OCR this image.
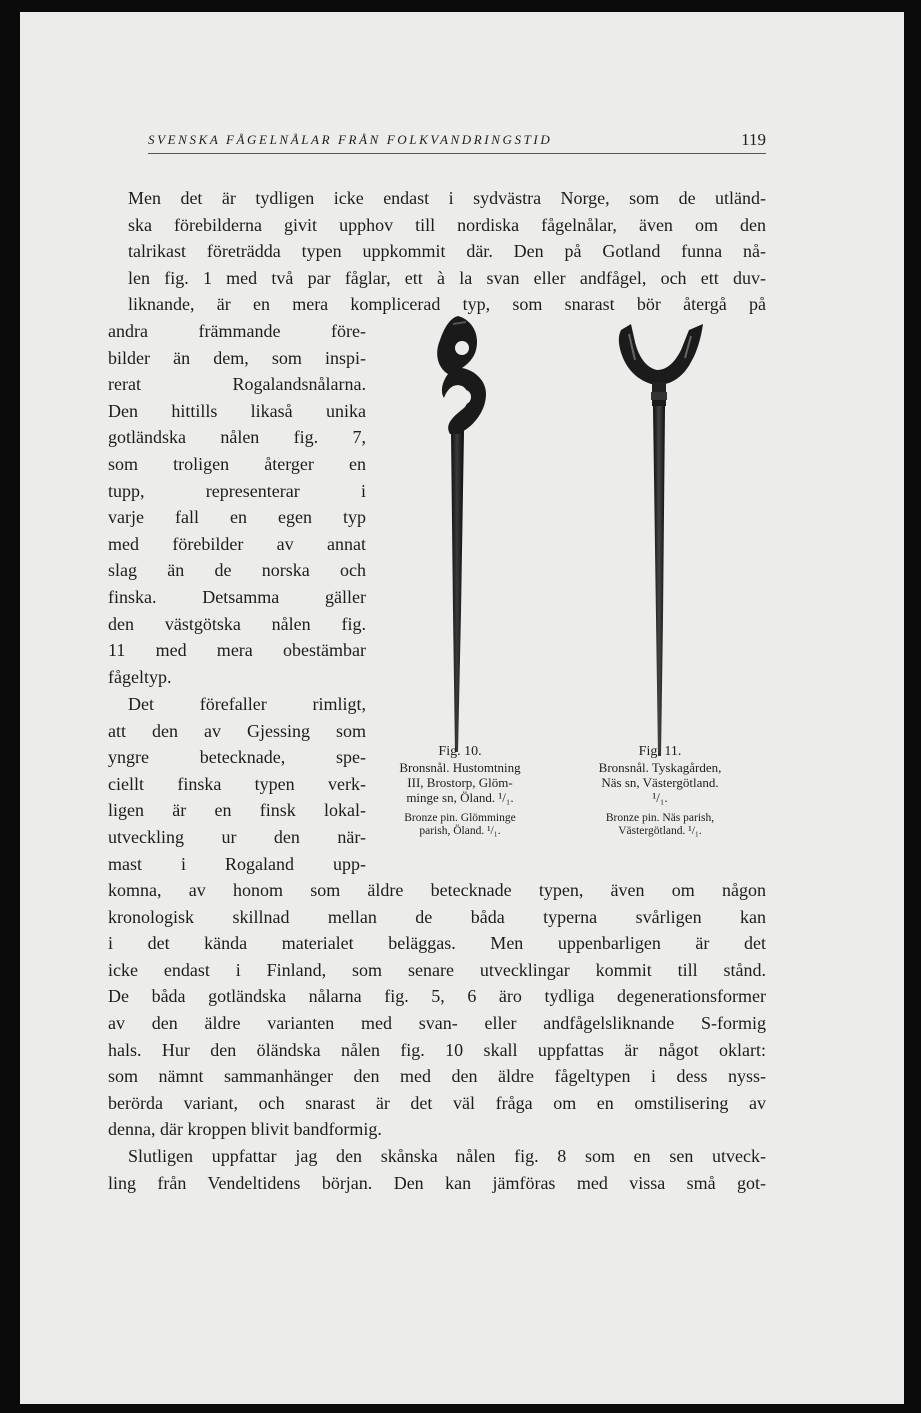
SVENSKA FÅGELNÅLAR FRÅN FOLKVANDRINGSTID	119
Men det är tydligen icke endast i sydvästra Norge, som de utländ-
ska förebilderna givit upphov till nordiska fågelnålar, även om den
talrikast företrädda typen uppkommit där. Den på Gotland funna nå-
len fig. 1 med två par fåglar, ett à la svan eller andfågel, och ett duv-
liknande, är en mera komplicerad typ, som snarast bör återgå på
andra främmande före-
bilder än dem, som inspi-
rerat Rogalandsnålarna.
Den hittills likaså unika
gotländska nålen fig. 7,
som troligen återger en
tupp, representerar i
varje fall en egen typ
med förebilder av annat
slag än de norska och
finska. Detsamma gäller
den västgötska nålen fig.
11 med mera obestämbar
fågeltyp.
Det förefaller rimligt,
att den av Gjessing som
yngre betecknade, spe-
ciellt finska typen verk-
ligen är en finsk lokal-
utveckling ur den när-
mast i Rogaland upp-
komna, av honom som äldre betecknade typen, även om någon
kronologisk skillnad mellan de båda typerna svårligen kan
i det kända materialet beläggas. Men uppenbarligen är det
icke endast i Finland, som senare utvecklingar kommit till stånd.
De båda gotländska nålarna fig. 5, 6 äro tydliga degenerationsformer
av den äldre varianten med svan- eller andfågelsliknande S-formig
hals. Hur den öländska nålen fig. 10 skall uppfattas är något oklart:
som nämnt sammanhänger den med den äldre fågeltypen i dess nyss-
berörda variant, och snarast är det väl fråga om en omstilisering av
denna, där kroppen blivit bandformig.
Slutligen uppfattar jag den skånska nålen fig. 8 som en sen utveck-
ling från Vendeltidens början. Den kan jämföras med vissa små got-
Fig. 10.
Bronsnål. Hustomtning
III, Brostorp, Glöm-
minge sn, Öland. ¹/₁.
Bronze pin. Glömminge
parish, Öland. ¹/₁.
Fig. 11.
Bronsnål. Tyskagården,
Näs sn, Västergötland.
¹/₁.
Bronze pin. Näs parish,
Västergötland. ¹/₁.
